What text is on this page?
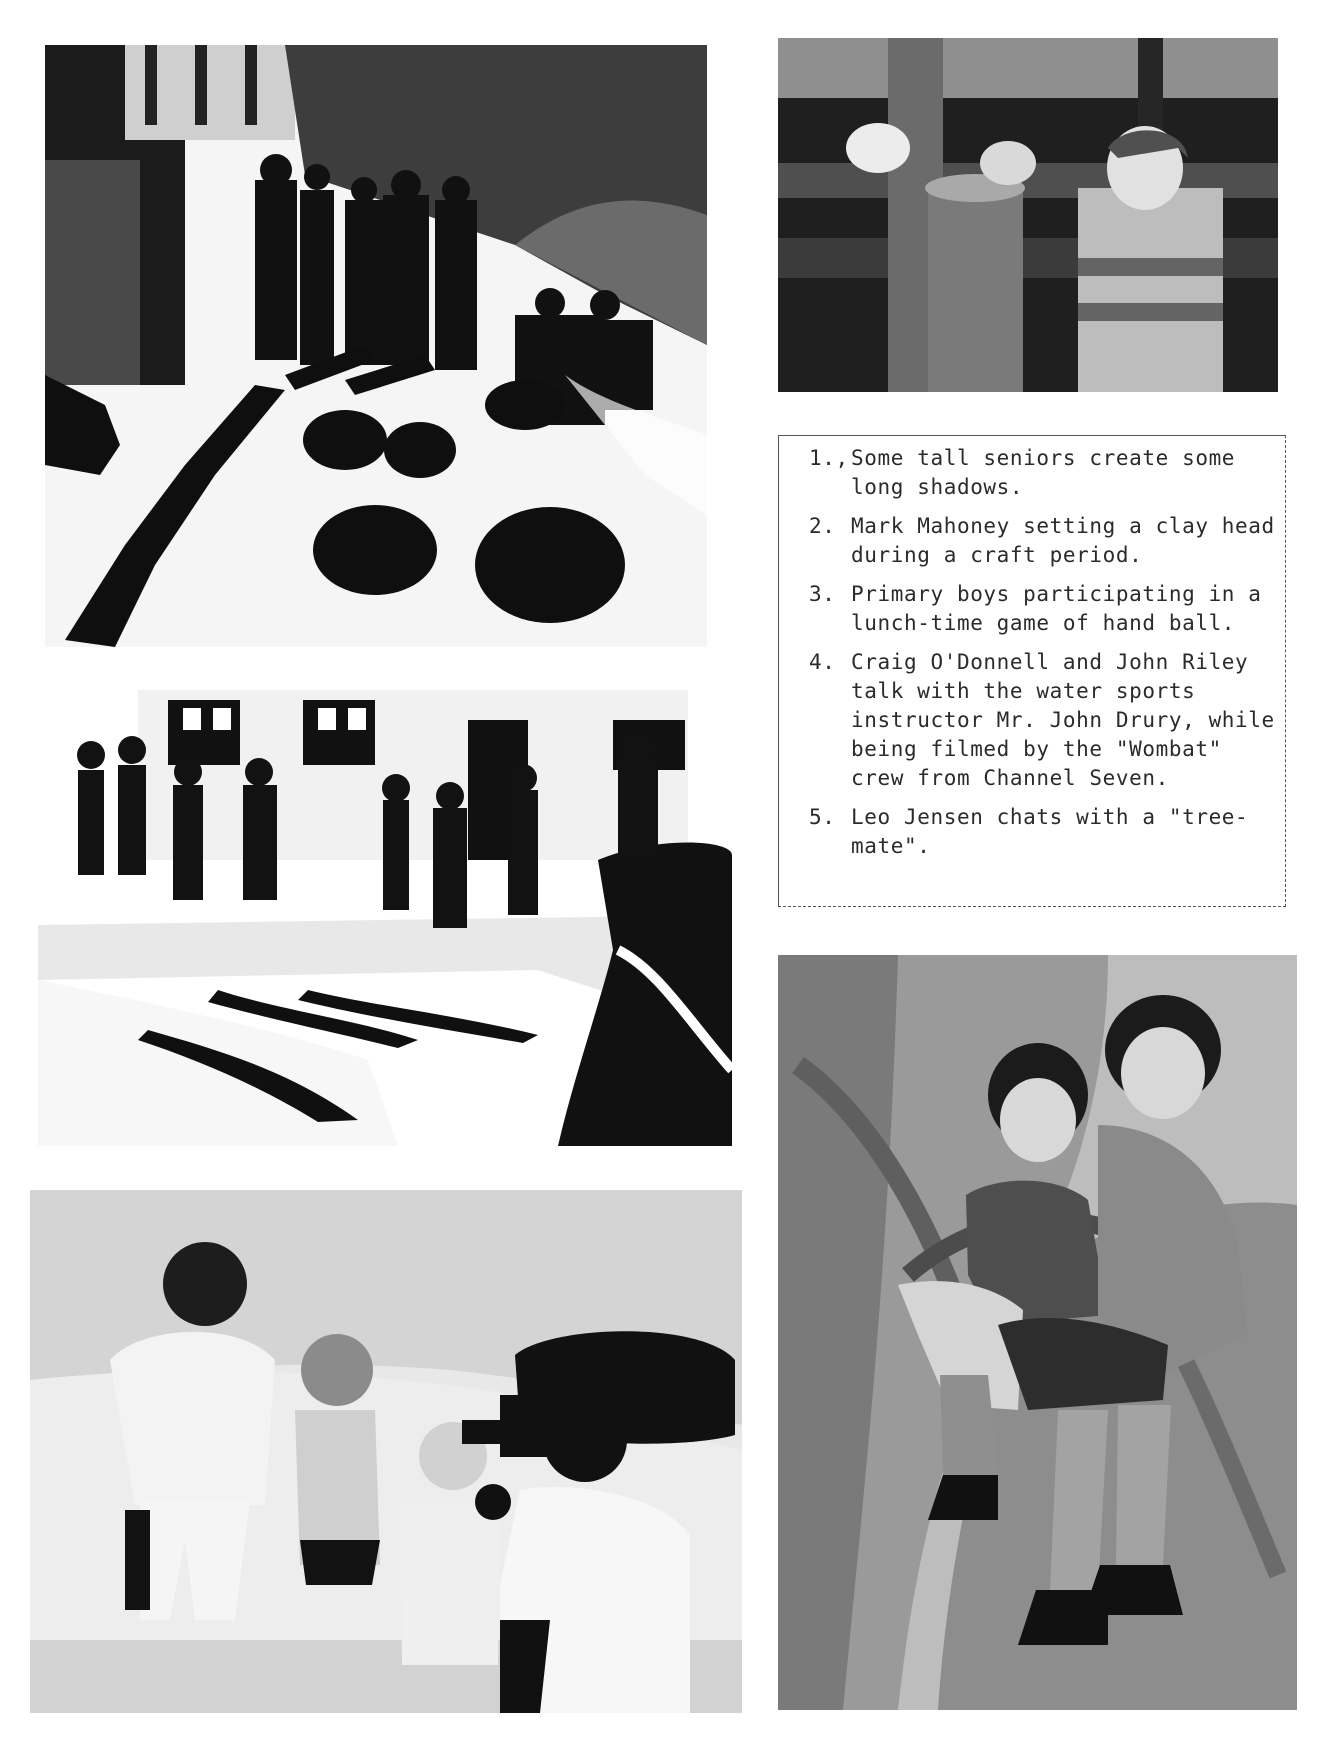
1., Some tall seniors create some long shadows.
2. Mark Mahoney setting a clay head during a craft period.
3. Primary boys participating in a lunch-time game of hand ball.
4. Craig O'Donnell and John Riley talk with the water sports instructor Mr. John Drury, while being filmed by the "Wombat" crew from Channel Seven.
5. Leo Jensen chats with a "tree-mate".
